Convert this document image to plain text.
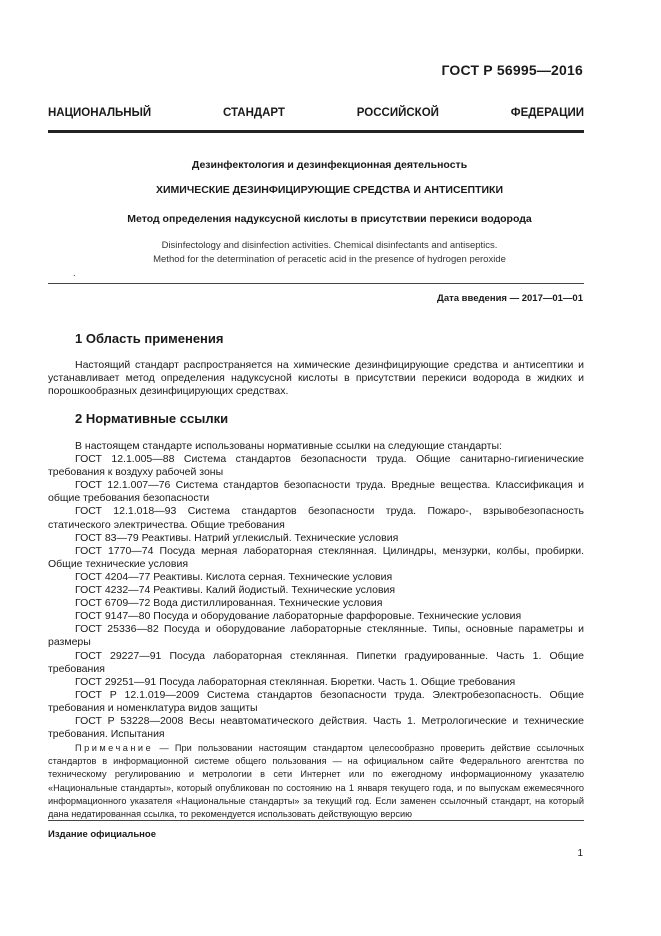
ГОСТ Р 56995—2016
НАЦИОНАЛЬНЫЙ СТАНДАРТ РОССИЙСКОЙ ФЕДЕРАЦИИ
Дезинфектология и дезинфекционная деятельность
ХИМИЧЕСКИЕ ДЕЗИНФИЦИРУЮЩИЕ СРЕДСТВА И АНТИСЕПТИКИ
Метод определения надуксусной кислоты в присутствии перекиси водорода
Disinfectology and disinfection activities. Chemical disinfectants and antiseptics.
Method for the determination of peracetic acid in the presence of hydrogen peroxide
.
Дата введения — 2017—01—01
1 Область применения
Настоящий стандарт распространяется на химические дезинфицирующие средства и антисептики и устанавливает метод определения надуксусной кислоты в присутствии перекиси водорода в жидких и порошкообразных дезинфицирующих средствах.
2 Нормативные ссылки
В настоящем стандарте использованы нормативные ссылки на следующие стандарты:
ГОСТ 12.1.005—88 Система стандартов безопасности труда. Общие санитарно-гигиенические требования к воздуху рабочей зоны
ГОСТ 12.1.007—76 Система стандартов безопасности труда. Вредные вещества. Классификация и общие требования безопасности
ГОСТ 12.1.018—93 Система стандартов безопасности труда. Пожаро-, взрывобезопасность статического электричества. Общие требования
ГОСТ 83—79 Реактивы. Натрий углекислый. Технические условия
ГОСТ 1770—74 Посуда мерная лабораторная стеклянная. Цилиндры, мензурки, колбы, пробирки. Общие технические условия
ГОСТ 4204—77 Реактивы. Кислота серная. Технические условия
ГОСТ 4232—74 Реактивы. Калий йодистый. Технические условия
ГОСТ 6709—72 Вода дистиллированная. Технические условия
ГОСТ 9147—80 Посуда и оборудование лабораторные фарфоровые. Технические условия
ГОСТ 25336—82 Посуда и оборудование лабораторные стеклянные. Типы, основные параметры и размеры
ГОСТ 29227—91 Посуда лабораторная стеклянная. Пипетки градуированные. Часть 1. Общие требования
ГОСТ 29251—91 Посуда лабораторная стеклянная. Бюретки. Часть 1. Общие требования
ГОСТ Р 12.1.019—2009 Система стандартов безопасности труда. Электробезопасность. Общие требования и номенклатура видов защиты
ГОСТ Р 53228—2008 Весы неавтоматического действия. Часть 1. Метрологические и технические требования. Испытания
Примечание — При пользовании настоящим стандартом целесообразно проверить действие ссылочных стандартов в информационной системе общего пользования — на официальном сайте Федерального агентства по техническому регулированию и метрологии в сети Интернет или по ежегодному информационному указателю «Национальные стандарты», который опубликован по состоянию на 1 января текущего года, и по выпускам ежемесячного информационного указателя «Национальные стандарты» за текущий год. Если заменен ссылочный стандарт, на который дана недатированная ссылка, то рекомендуется использовать действующую версию
Издание официальное
1
